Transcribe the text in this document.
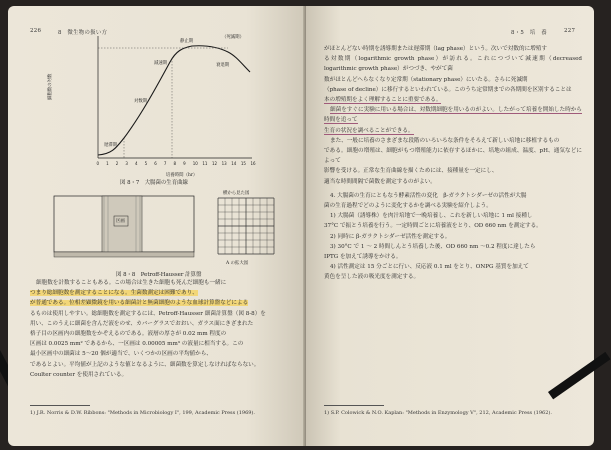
226	8　微生物の扱い方
細胞数の対数
遅滞期
対数期
減速期
静止期
衰退期
（死滅期）
0 1 2 3 4 5 6 7 8 9 10 11 12 13 14 15 16
培養時間（hr）
図 8・7　大腸菌の生育曲線
区画
横から見た図
A の拡大図
図 8・8　Petroff-Hausser 計算盤

細胞数を計数することもある。この場合は生きた細胞も死んだ細胞も一緒に

つまり総細胞数を測定することになる。生菌数測定は困難であり、

が普通である。位相差顕微鏡を用いる細菌計と無菌細胞のような血球計算盤などによる

るものは使用しやすい。総細胞数を測定するには、Petroff-Hausser 細菌計算盤（図 8-8）を

用い、このうえに細菌を含んだ液をのせ、カバーグラスでおおい、ガラス面にきざまれた

格子目の区画内の細胞数をかぞえるのである。液層の厚さが 0.02 mm 程度の

区画は 0.0025 mm² であるから、一区画は 0.00005 mm³ の液量に相当する。この

最小区画中の細菌は 5～20 個が適当で、いくつかの区画の平均値から、

であるとよい。平均値が上記のような値となるように、細菌数を算定しなければならない。

Coulter counter を使用されている。

1) J.R. Norris & D.W. Ribbons: "Methods in Microbiology I", 199, Academic Press (1969).
8・5　培　養	227

がほとんどない時期を誘導期または遅滞期（lag phase）という。次いで対数的に増殖す

る対数期（logarithmic growth phase）が訪れる。これにつづいて減速期（decreased logarithmic growth phase）がつづき、やがて菌

数がほとんどへらなくなり定常期（stationary phase）にいたる。さらに死滅期

（phase of decline）に移行するといわれている。このうち定常期までの各期間を区別することは

本の増殖期をよく理解することに重要である。

細菌をすぐに実験に用いる場合は、対数期細胞を用いるのがよい。したがって培養を開始した時から時間を追って

生育の状況を調べることができる。

また、一般に培養のさまざまな段階のいろいろな条件をそろえて新しい培地に移植するもの

である。細胞の増殖は、細胞がもつ増殖能力に依存するほかに、培地の組成、温度、pH、通気などによって

影響を受ける。正常な生育曲線を描くためには、接種量を一定にし、

適当な時間間隔で菌数を測定するのがよい。

4. 大腸菌の生育にともなう酵素活性の変化　β-ガラクトシダーゼの活性が大腸

菌の生育過程でどのように変化するかを調べる実験を紹介しよう。

1) 大腸菌（誘導株）を肉汁培地で一晩培養し、これを新しい培地に 1 ml 接種し

37°C で振とう培養を行う。一定時間ごとに培養液をとり、OD 660 nm を測定する。

2) 同時に β-ガラクトシダーゼ活性を測定する。

3) 30°C で 1 ～ 2 時間しんとう培養した後、OD 660 nm ～0.2 程度に達したら

IPTG を加えて誘導をかける。

4) 活性測定は 15 分ごとに行い、反応液 0.1 ml をとり、ONPG 基質を加えて

黄色を呈した液の吸光度を測定する。

1) S.P. Colowick & N.O. Kaplan: "Methods in Enzymology V", 212, Academic Press (1962).
